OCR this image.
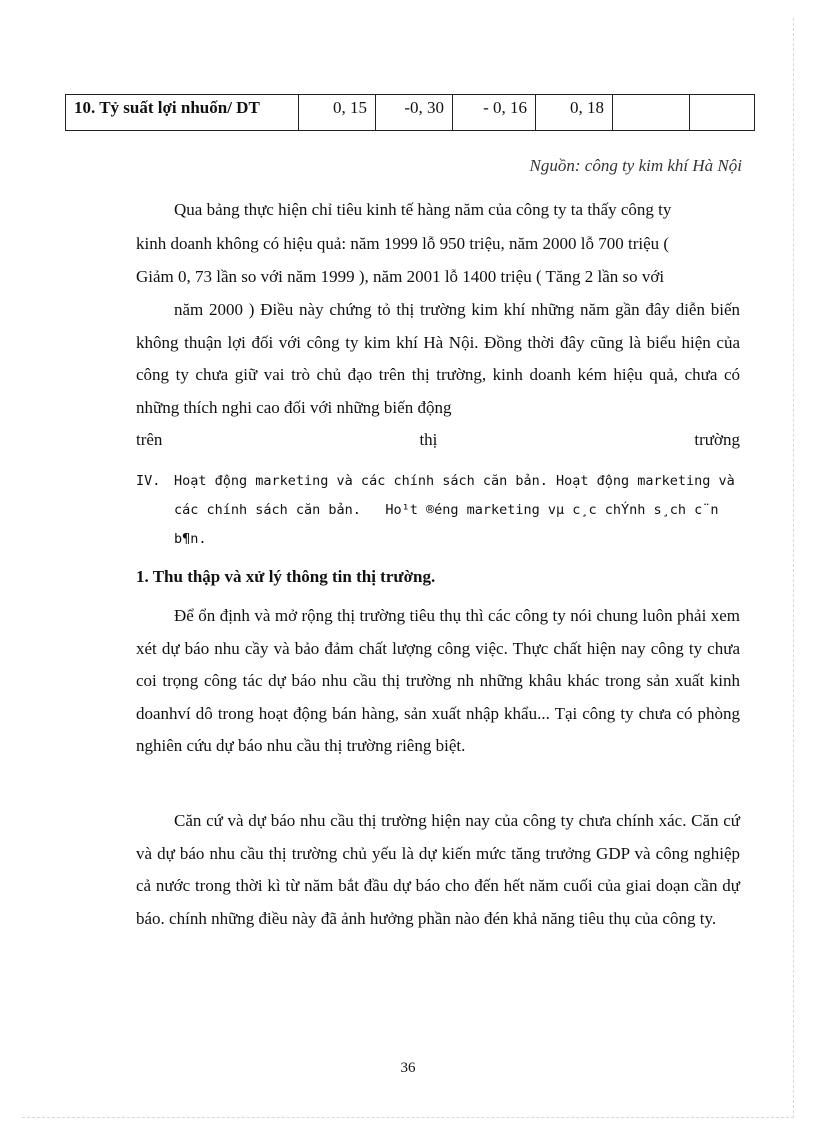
10. Tỷ suất lợi nhuốn/ DT	0, 15	-0, 30	- 0, 16	0, 18		
Nguồn: công ty kim khí Hà Nội

Qua bảng thực hiện chỉ tiêu kinh tế hàng năm của công ty ta thấy công ty

kinh doanh không có hiệu quả: năm 1999 lỗ 950 triệu, năm 2000 lỗ 700 triệu (

Giảm 0, 73 lần so với năm 1999 ), năm 2001 lỗ 1400 triệu ( Tăng 2 lần so với

năm 2000 ) Điều này chứng tỏ thị trường kim khí những năm gần đây diễn biến không thuận lợi đối với công ty kim khí Hà Nội. Đồng thời đây cũng là biểu hiện của công ty chưa giữ vai trò chủ đạo trên thị trường, kinh doanh kém hiệu quả, chưa có những thích nghi cao đối với những biến động

trên	thị	trường
IV. Hoạt động marketing và các chính sách căn bản. Hoạt động marketing và
các chính sách căn bản.   Ho¹t ®éng marketing vµ c¸c chÝnh s¸ch c¨n
b¶n.
1. Thu thập và xử lý thông tin thị trường.

Để ổn định và mở rộng thị trường tiêu thụ thì các công ty nói chung luôn phải xem xét dự báo nhu cầy và bảo đảm chất lượng công việc. Thực chất hiện nay công ty chưa coi trọng công tác dự báo nhu cầu thị trường nh những khâu khác trong sản xuất kinh doanhví dô trong hoạt động bán hàng, sản xuất nhập khẩu... Tại công ty chưa có phòng nghiên cứu dự báo nhu cầu thị trường riêng biệt.

Căn cứ và dự báo nhu cầu thị trường hiện nay của công ty chưa chính xác. Căn cứ và dự báo nhu cầu thị trường chủ yếu là dự kiến mức tăng trưởng GDP và công nghiệp cả nước trong thời kì từ năm bắt đầu dự báo cho đến hết năm cuối của giai doạn cần dự báo. chính những điều này đã ảnh hưởng phần nào đén khả năng tiêu thụ của công ty.

36
